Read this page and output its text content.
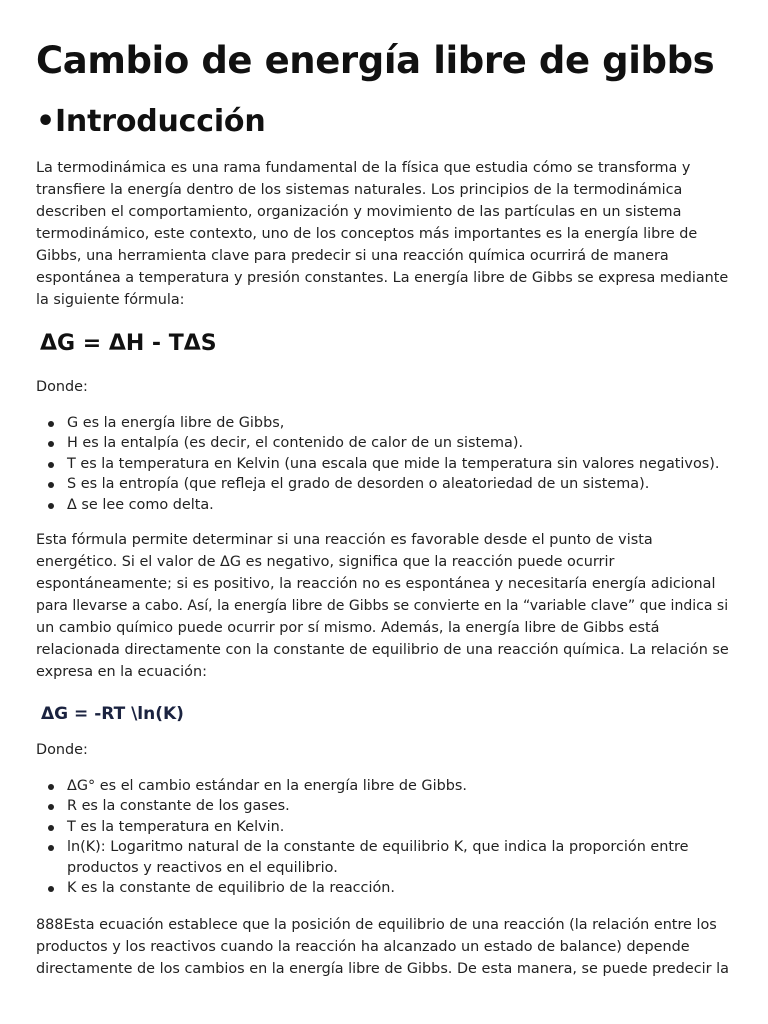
Cambio de energía libre de gibbs
•Introducción

La termodinámica es una rama fundamental de la física que estudia cómo se transforma y
transfiere la energía dentro de los sistemas naturales. Los principios de la termodinámica
describen el comportamiento, organización y movimiento de las partículas en un sistema
termodinámico, este contexto, uno de los conceptos más importantes es la energía libre de
Gibbs, una herramienta clave para predecir si una reacción química ocurrirá de manera
espontánea a temperatura y presión constantes. La energía libre de Gibbs se expresa mediante
la siguiente fórmula:

ΔG = ΔH - TΔS

Donde:

G es la energía libre de Gibbs,
H es la entalpía (es decir, el contenido de calor de un sistema).
T es la temperatura en Kelvin (una escala que mide la temperatura sin valores negativos).
S es la entropía (que refleja el grado de desorden o aleatoriedad de un sistema).
Δ se lee como delta.

Esta fórmula permite determinar si una reacción es favorable desde el punto de vista
energético. Si el valor de ΔG es negativo, significa que la reacción puede ocurrir
espontáneamente; si es positivo, la reacción no es espontánea y necesitaría energía adicional
para llevarse a cabo. Así, la energía libre de Gibbs se convierte en la “variable clave” que indica si
un cambio químico puede ocurrir por sí mismo. Además, la energía libre de Gibbs está
relacionada directamente con la constante de equilibrio de una reacción química. La relación se
expresa en la ecuación:

ΔG = -RT \ln(K)

Donde:

ΔG° es el cambio estándar en la energía libre de Gibbs.
R es la constante de los gases.
T es la temperatura en Kelvin.
ln(K): Logaritmo natural de la constante de equilibrio K, que indica la proporción entre
productos y reactivos en el equilibrio.
K es la constante de equilibrio de la reacción.

888Esta ecuación establece que la posición de equilibrio de una reacción (la relación entre los
productos y los reactivos cuando la reacción ha alcanzado un estado de balance) depende
directamente de los cambios en la energía libre de Gibbs. De esta manera, se puede predecir la
